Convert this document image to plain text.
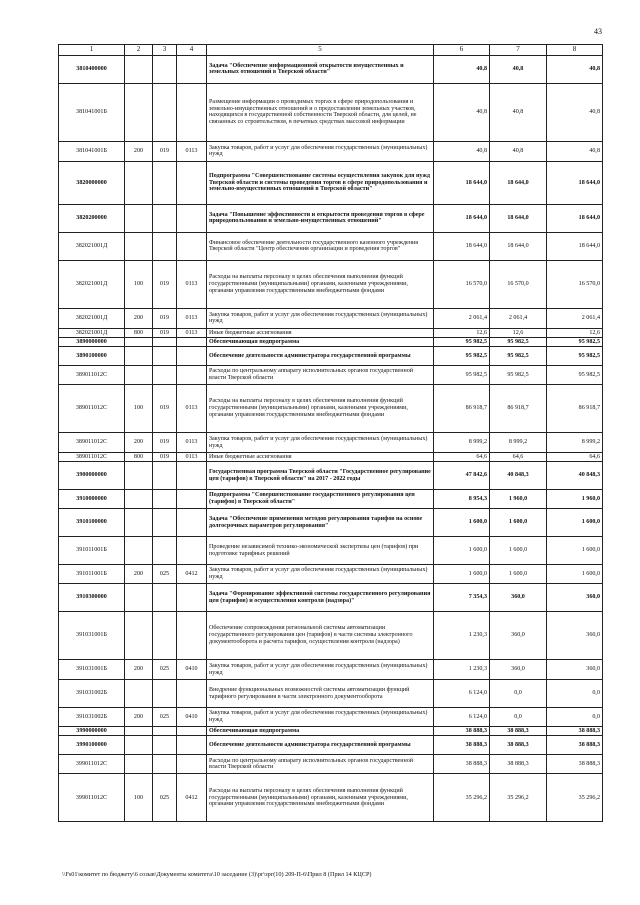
43
1	2	3	4	5	6	7	8
3810400000				Задача "Обеспечение информационной открытости имущественных и земельных отношений в Тверской области"	40,8	40,8	40,8
381041001Б				Размещение информации о проводимых торгах в сфере природопользования и земельно-имущественных отношений и о предоставлении земельных участков, находящихся в государственной собственности Тверской области, для целей, не связанных со строительством, в печатных средствах массовой информации	40,8	40,8	40,8
381041001Б	200	019	0113	Закупка товаров, работ и услуг для обеспечения государственных (муниципальных) нужд	40,8	40,8	40,8
3820000000				Подпрограмма "Совершенствование системы осуществления закупок для нужд Тверской области и системы проведения торгов в сфере природопользования и земельно-имущественных отношений в Тверской области"	18 644,0	18 644,0	18 644,0
3820200000				Задача "Повышение эффективности и открытости проведения торгов в сфере природопользования и земельно-имущественных отношений"	18 644,0	18 644,0	18 644,0
382021001Д				Финансовое обеспечение деятельности государственного казенного учреждения Тверской области "Центр обеспечения организации и проведения торгов"	18 644,0	18 644,0	18 644,0
382021001Д	100	019	0113	Расходы на выплаты персоналу в целях обеспечения выполнения функций государственными (муниципальными) органами, казенными учреждениями, органами управления государственными внебюджетными фондами	16 570,0	16 570,0	16 570,0
382021001Д	200	019	0113	Закупка товаров, работ и услуг для обеспечения государственных (муниципальных) нужд	2 061,4	2 061,4	2 061,4
382021001Д	800	019	0113	Иные бюджетные ассигнования	12,6	12,6	12,6
3890000000				Обеспечивающая подпрограмма	95 982,5	95 982,5	95 982,5
3890100000				Обеспечение деятельности администратора государственной программы	95 982,5	95 982,5	95 982,5
389011012С				Расходы по центральному аппарату исполнительных органов государственной власти Тверской области	95 982,5	95 982,5	95 982,5
389011012С	100	019	0113	Расходы на выплаты персоналу в целях обеспечения выполнения функций государственными (муниципальными) органами, казенными учреждениями, органами управления государственными внебюджетными фондами	86 918,7	86 918,7	86 918,7
389011012С	200	019	0113	Закупка товаров, работ и услуг для обеспечения государственных (муниципальных) нужд	8 999,2	8 999,2	8 999,2
389011012С	800	019	0113	Иные бюджетные ассигнования	64,6	64,6	64,6
3900000000				Государственная программа Тверской области "Государственное регулирование цен (тарифов) в Тверской области" на 2017 - 2022 годы	47 842,6	40 848,3	40 848,3
3910000000				Подпрограмма "Совершенствование государственного регулирования цен (тарифов) в Тверской области"	8 954,3	1 960,0	1 960,0
3910100000				Задача "Обеспечение применения методов регулирования тарифов на основе долгосрочных параметров регулирования"	1 600,0	1 600,0	1 600,0
391011001Б				Проведение независимой технико-экономической экспертизы цен (тарифов) при подготовке тарифных решений	1 600,0	1 600,0	1 600,0
391011001Б	200	025	0412	Закупка товаров, работ и услуг для обеспечения государственных (муниципальных) нужд	1 600,0	1 600,0	1 600,0
3910300000				Задача "Формирование эффективной системы государственного регулирования цен (тарифов) и осуществления контроля (надзора)"	7 354,3	360,0	360,0
391031001Б				Обеспечение сопровождения региональной системы автоматизации государственного регулирования цен (тарифов) в части системы электронного документооборота и расчета тарифов, осуществления контроля (надзора)	1 230,3	360,0	360,0
391031001Б	200	025	0410	Закупка товаров, работ и услуг для обеспечения государственных (муниципальных) нужд	1 230,3	360,0	360,0
391031002Б				Внедрение функциональных возможностей системы автоматизации функций тарифного регулирования в части электронного документооборота	6 124,0	0,0	0,0
391031002Б	200	025	0410	Закупка товаров, работ и услуг для обеспечения государственных (муниципальных) нужд	6 124,0	0,0	0,0
3990000000				Обеспечивающая подпрограмма	38 888,3	38 888,3	38 888,3
3990100000				Обеспечение деятельности администратора государственной программы	38 888,3	38 888,3	38 888,3
399011012С				Расходы по центральному аппарату исполнительных органов государственной власти Тверской области	38 888,3	38 888,3	38 888,3
399011012С	100	025	0412	Расходы на выплаты персоналу в целях обеспечения выполнения функций государственными (муниципальными) органами, казенными учреждениями, органами управления государственными внебюджетными фондами	35 296,2	35 296,2	35 296,2
\\Fs01\комитет по бюджету\6 созыв\Документы комитета\10 заседание (3)\рг\зрг(10) 209-П-6\Прил 8 (Прил 14 КЦСР)
